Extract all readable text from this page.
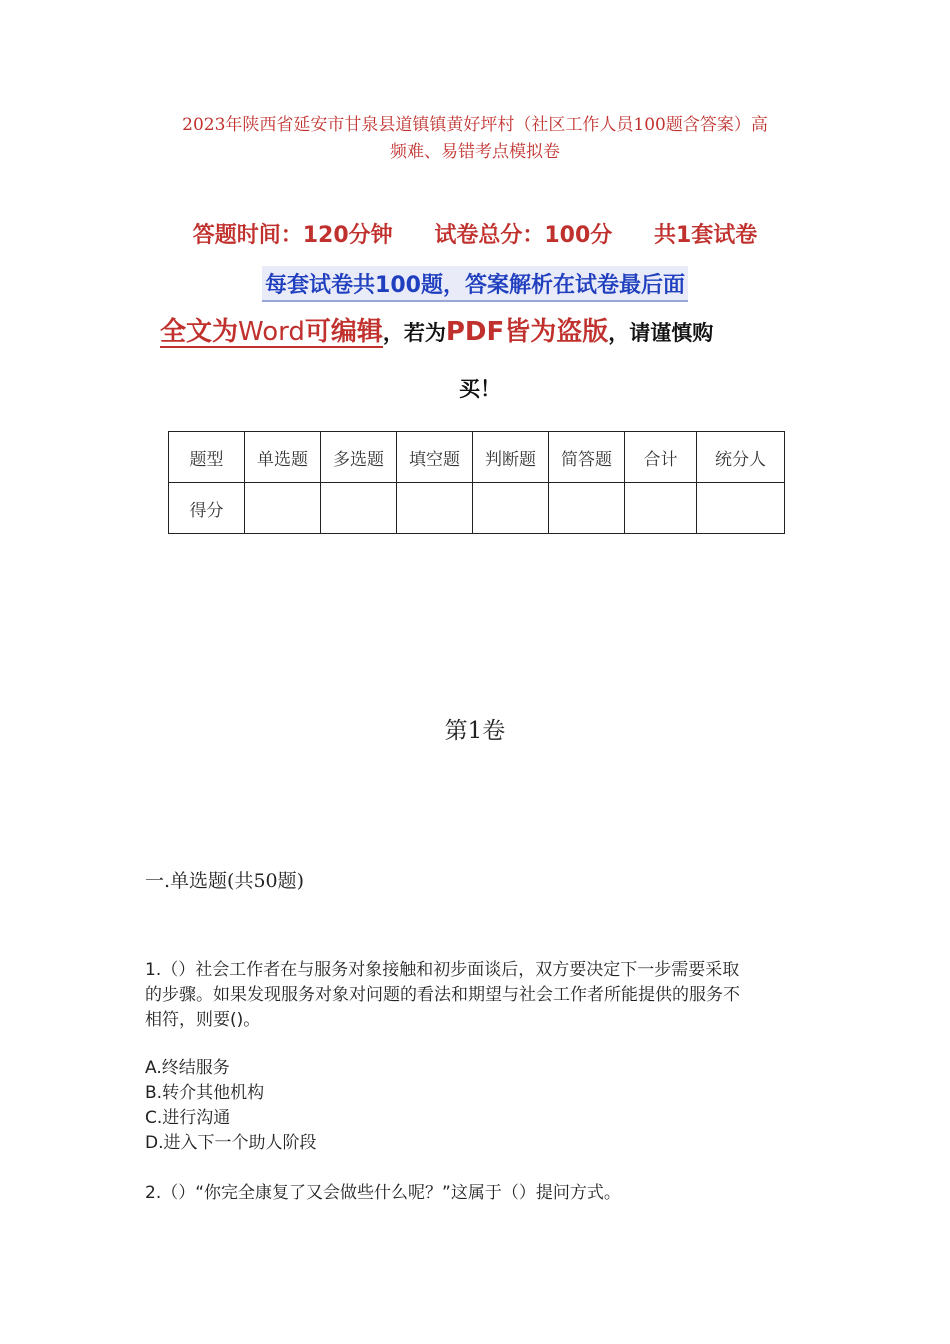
2023年陕西省延安市甘泉县道镇镇黄好坪村（社区工作人员100题含答案）高
频难、易错考点模拟卷
答题时间：120分钟 试卷总分：100分 共1套试卷
每套试卷共100题，答案解析在试卷最后面
全文为Word可编辑，若为PDF皆为盗版，请谨慎购
买！
题型	单选题	多选题	填空题	判断题	简答题	合计	统分人
得分							
第1卷
一.单选题(共50题)
1.（）社会工作者在与服务对象接触和初步面谈后，双方要决定下一步需要采取
的步骤。如果发现服务对象对问题的看法和期望与社会工作者所能提供的服务不
相符，则要()。
A.终结服务
B.转介其他机构
C.进行沟通
D.进入下一个助人阶段
2.（）“你完全康复了又会做些什么呢？”这属于（）提问方式。
